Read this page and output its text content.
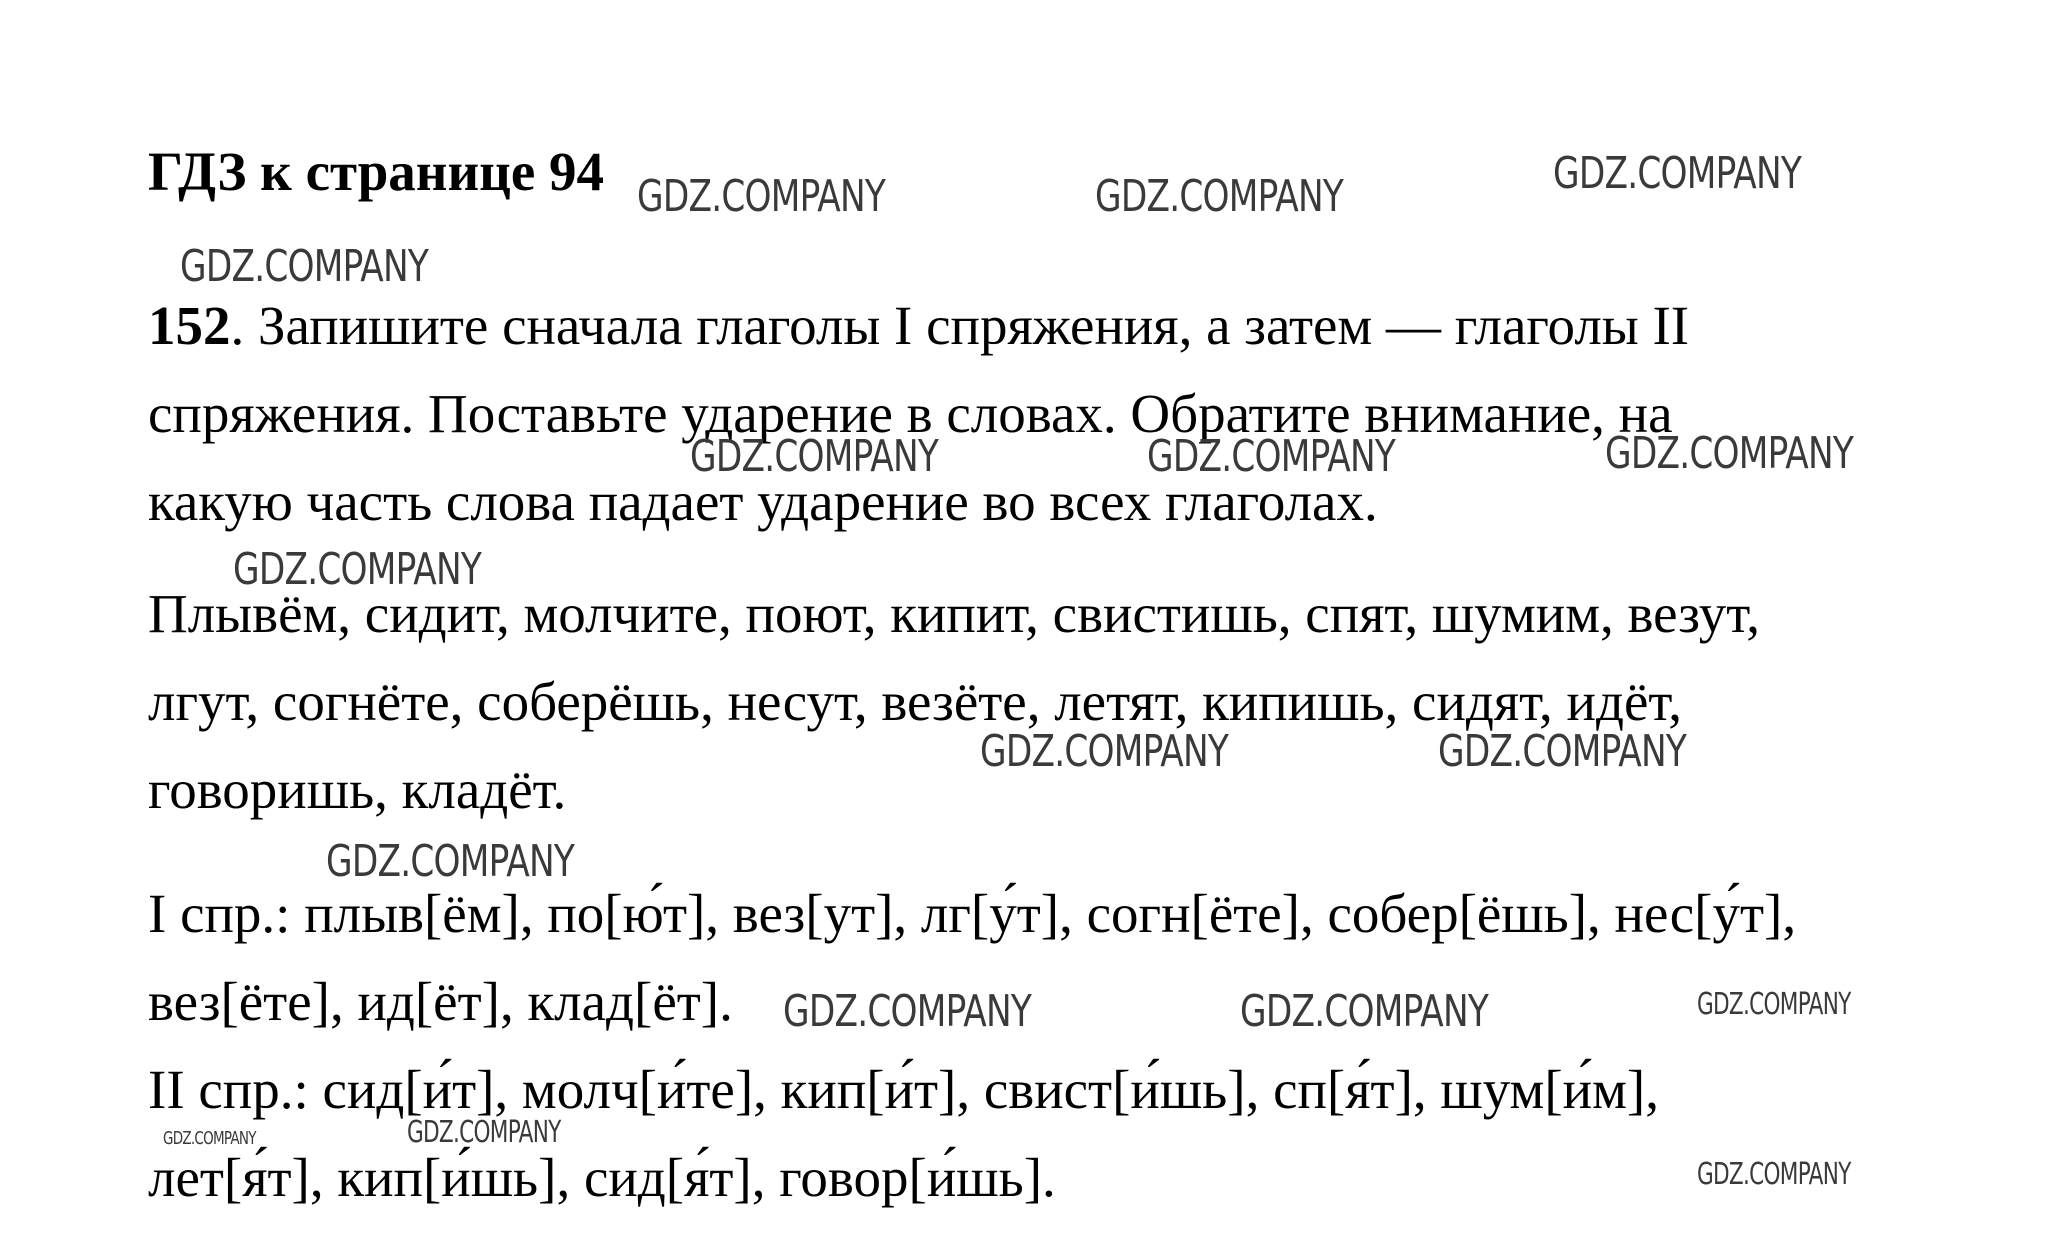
ГДЗ к странице 94
152. Запишите сначала глаголы I спряжения, а затем — глаголы II
спряжения. Поставьте ударение в словах. Обратите внимание, на
какую часть слова падает ударение во всех глаголах.
Плывём, сидит, молчите, поют, кипит, свистишь, спят, шумим, везут,
лгут, согнёте, соберёшь, несут, везёте, летят, кипишь, сидят, идёт,
говоришь, кладёт.
I спр.: плыв[ём], по[ю́т], вез[ут], лг[у́т], согн[ёте], собер[ёшь], нес[у́т],
вез[ёте], ид[ёт], клад[ёт].
II спр.: сид[и́т], молч[и́те], кип[и́т], свист[и́шь], сп[я́т], шум[и́м],
лет[я́т], кип[и́шь], сид[я́т], говор[и́шь].
GDZ.COMPANY	GDZ.COMPANY	GDZ.COMPANY
GDZ.COMPANY
GDZ.COMPANY	GDZ.COMPANY	GDZ.COMPANY
GDZ.COMPANY
GDZ.COMPANY	GDZ.COMPANY
GDZ.COMPANY
GDZ.COMPANY	GDZ.COMPANY	GDZ.COMPANY
GDZ.COMPANY	GDZ.COMPANY
GDZ.COMPANY
